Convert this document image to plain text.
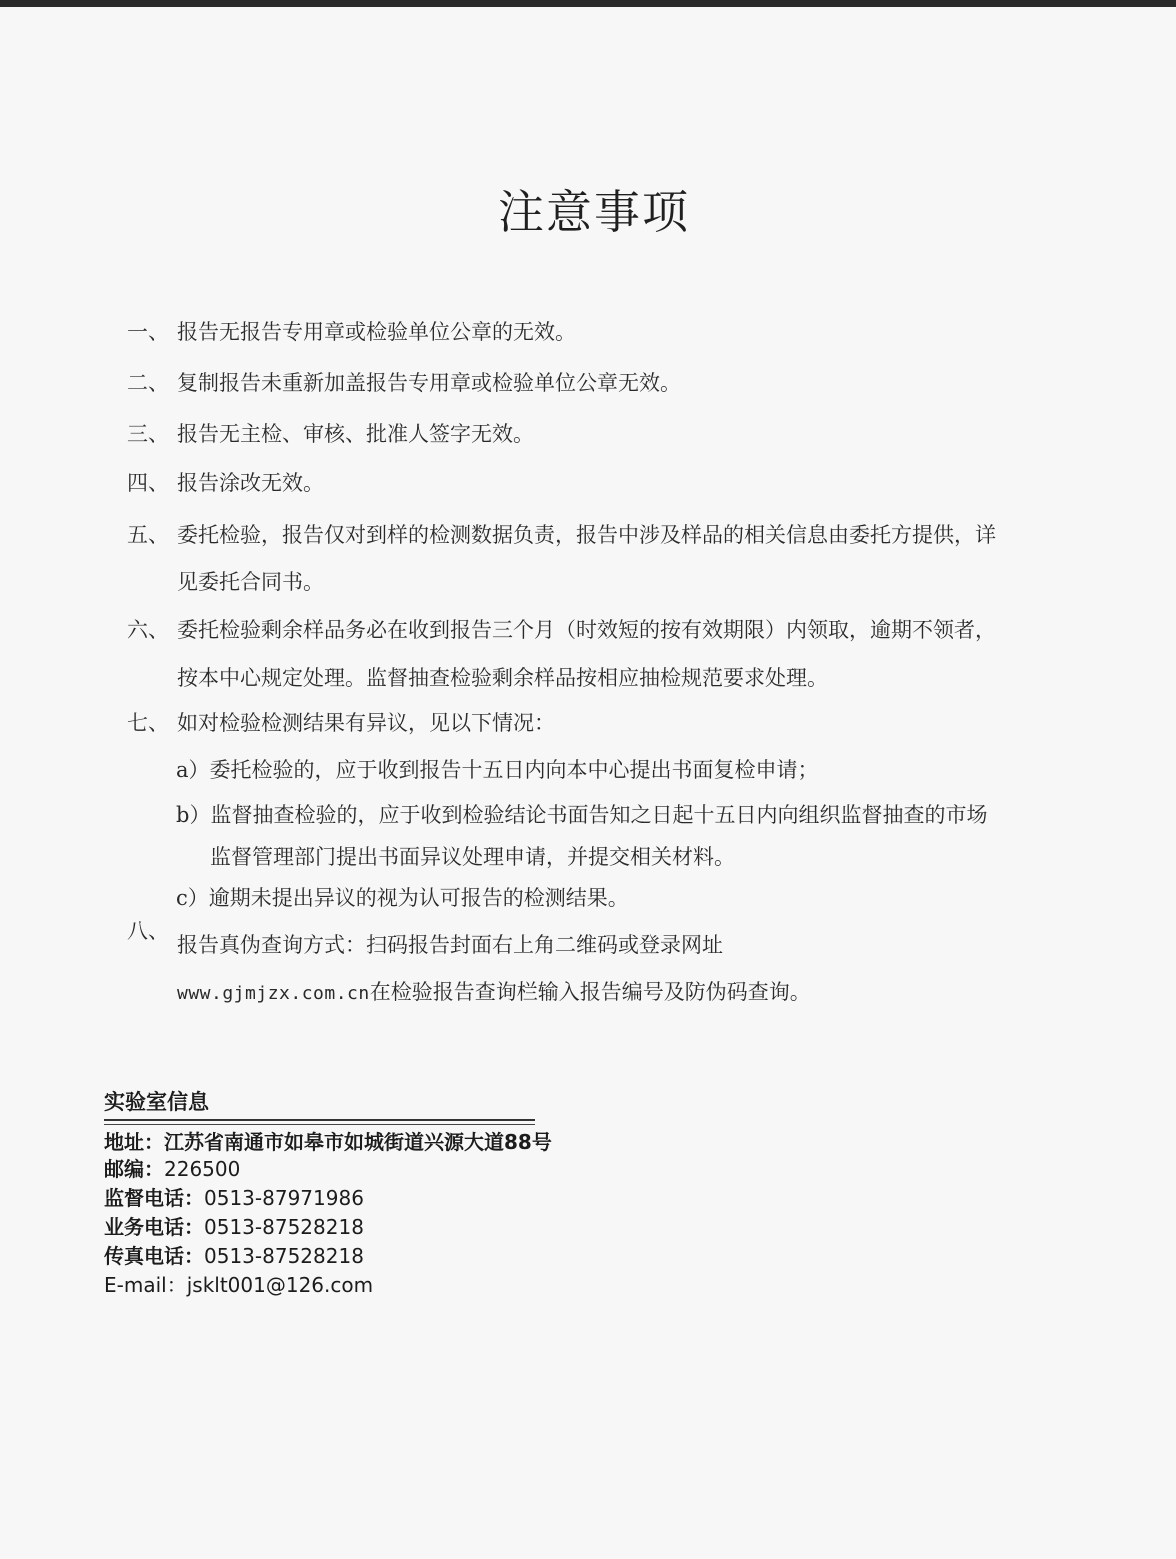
注意事项
一、 报告无报告专用章或检验单位公章的无效。
二、 复制报告未重新加盖报告专用章或检验单位公章无效。
三、 报告无主检、审核、批准人签字无效。
四、 报告涂改无效。
五、 委托检验，报告仅对到样的检测数据负责，报告中涉及样品的相关信息由委托方提供，详
见委托合同书。
六、 委托检验剩余样品务必在收到报告三个月（时效短的按有效期限）内领取，逾期不领者，
按本中心规定处理。监督抽查检验剩余样品按相应抽检规范要求处理。
七、 如对检验检测结果有异议，见以下情况：
a）委托检验的，应于收到报告十五日内向本中心提出书面复检申请；
b）监督抽查检验的，应于收到检验结论书面告知之日起十五日内向组织监督抽查的市场
监督管理部门提出书面异议处理申请，并提交相关材料。
c）逾期未提出异议的视为认可报告的检测结果。
八、
报告真伪查询方式：扫码报告封面右上角二维码或登录网址
www.gjmjzx.com.cn在检验报告查询栏输入报告编号及防伪码查询。
实验室信息
地址：江苏省南通市如皋市如城街道兴源大道88号
邮编：226500
监督电话：0513-87971986
业务电话：0513-87528218
传真电话：0513-87528218
E-mail：jsklt001@126.com
